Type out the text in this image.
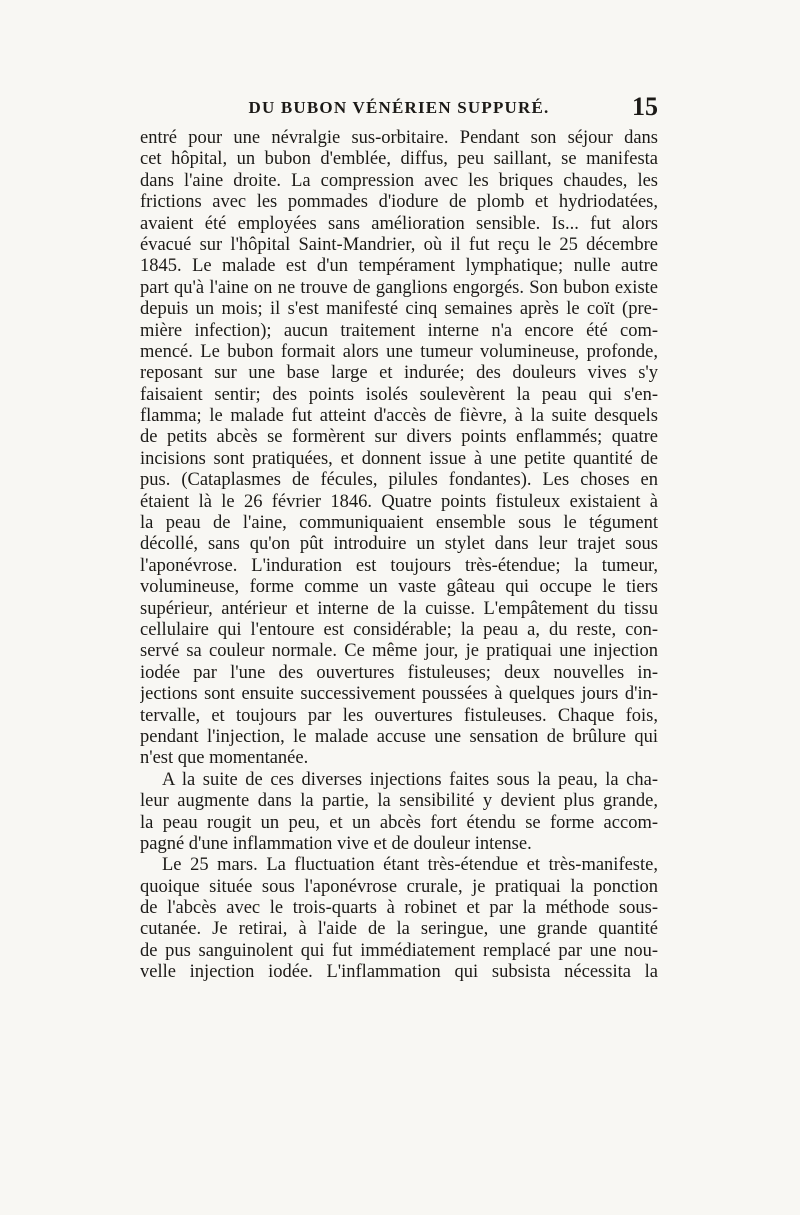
DU BUBON VÉNÉRIEN SUPPURÉ.	15
entré pour une névralgie sus-orbitaire. Pendant son séjour dans
cet hôpital, un bubon d'emblée, diffus, peu saillant, se manifesta
dans l'aine droite. La compression avec les briques chaudes, les
frictions avec les pommades d'iodure de plomb et hydriodatées,
avaient été employées sans amélioration sensible. Is... fut alors
évacué sur l'hôpital Saint-Mandrier, où il fut reçu le 25 décembre
1845. Le malade est d'un tempérament lymphatique; nulle autre
part qu'à l'aine on ne trouve de ganglions engorgés. Son bubon existe
depuis un mois; il s'est manifesté cinq semaines après le coït (pre-
mière infection); aucun traitement interne n'a encore été com-
mencé. Le bubon formait alors une tumeur volumineuse, profonde,
reposant sur une base large et indurée; des douleurs vives s'y
faisaient sentir; des points isolés soulevèrent la peau qui s'en-
flamma; le malade fut atteint d'accès de fièvre, à la suite desquels
de petits abcès se formèrent sur divers points enflammés; quatre
incisions sont pratiquées, et donnent issue à une petite quantité de
pus. (Cataplasmes de fécules, pilules fondantes). Les choses en
étaient là le 26 février 1846. Quatre points fistuleux existaient à
la peau de l'aine, communiquaient ensemble sous le tégument
décollé, sans qu'on pût introduire un stylet dans leur trajet sous
l'aponévrose. L'induration est toujours très-étendue; la tumeur,
volumineuse, forme comme un vaste gâteau qui occupe le tiers
supérieur, antérieur et interne de la cuisse. L'empâtement du tissu
cellulaire qui l'entoure est considérable; la peau a, du reste, con-
servé sa couleur normale. Ce même jour, je pratiquai une injection
iodée par l'une des ouvertures fistuleuses; deux nouvelles in-
jections sont ensuite successivement poussées à quelques jours d'in-
tervalle, et toujours par les ouvertures fistuleuses. Chaque fois,
pendant l'injection, le malade accuse une sensation de brûlure qui
n'est que momentanée.
A la suite de ces diverses injections faites sous la peau, la cha-
leur augmente dans la partie, la sensibilité y devient plus grande,
la peau rougit un peu, et un abcès fort étendu se forme accom-
pagné d'une inflammation vive et de douleur intense.
Le 25 mars. La fluctuation étant très-étendue et très-manifeste,
quoique située sous l'aponévrose crurale, je pratiquai la ponction
de l'abcès avec le trois-quarts à robinet et par la méthode sous-
cutanée. Je retirai, à l'aide de la seringue, une grande quantité
de pus sanguinolent qui fut immédiatement remplacé par une nou-
velle injection iodée. L'inflammation qui subsista nécessita la
